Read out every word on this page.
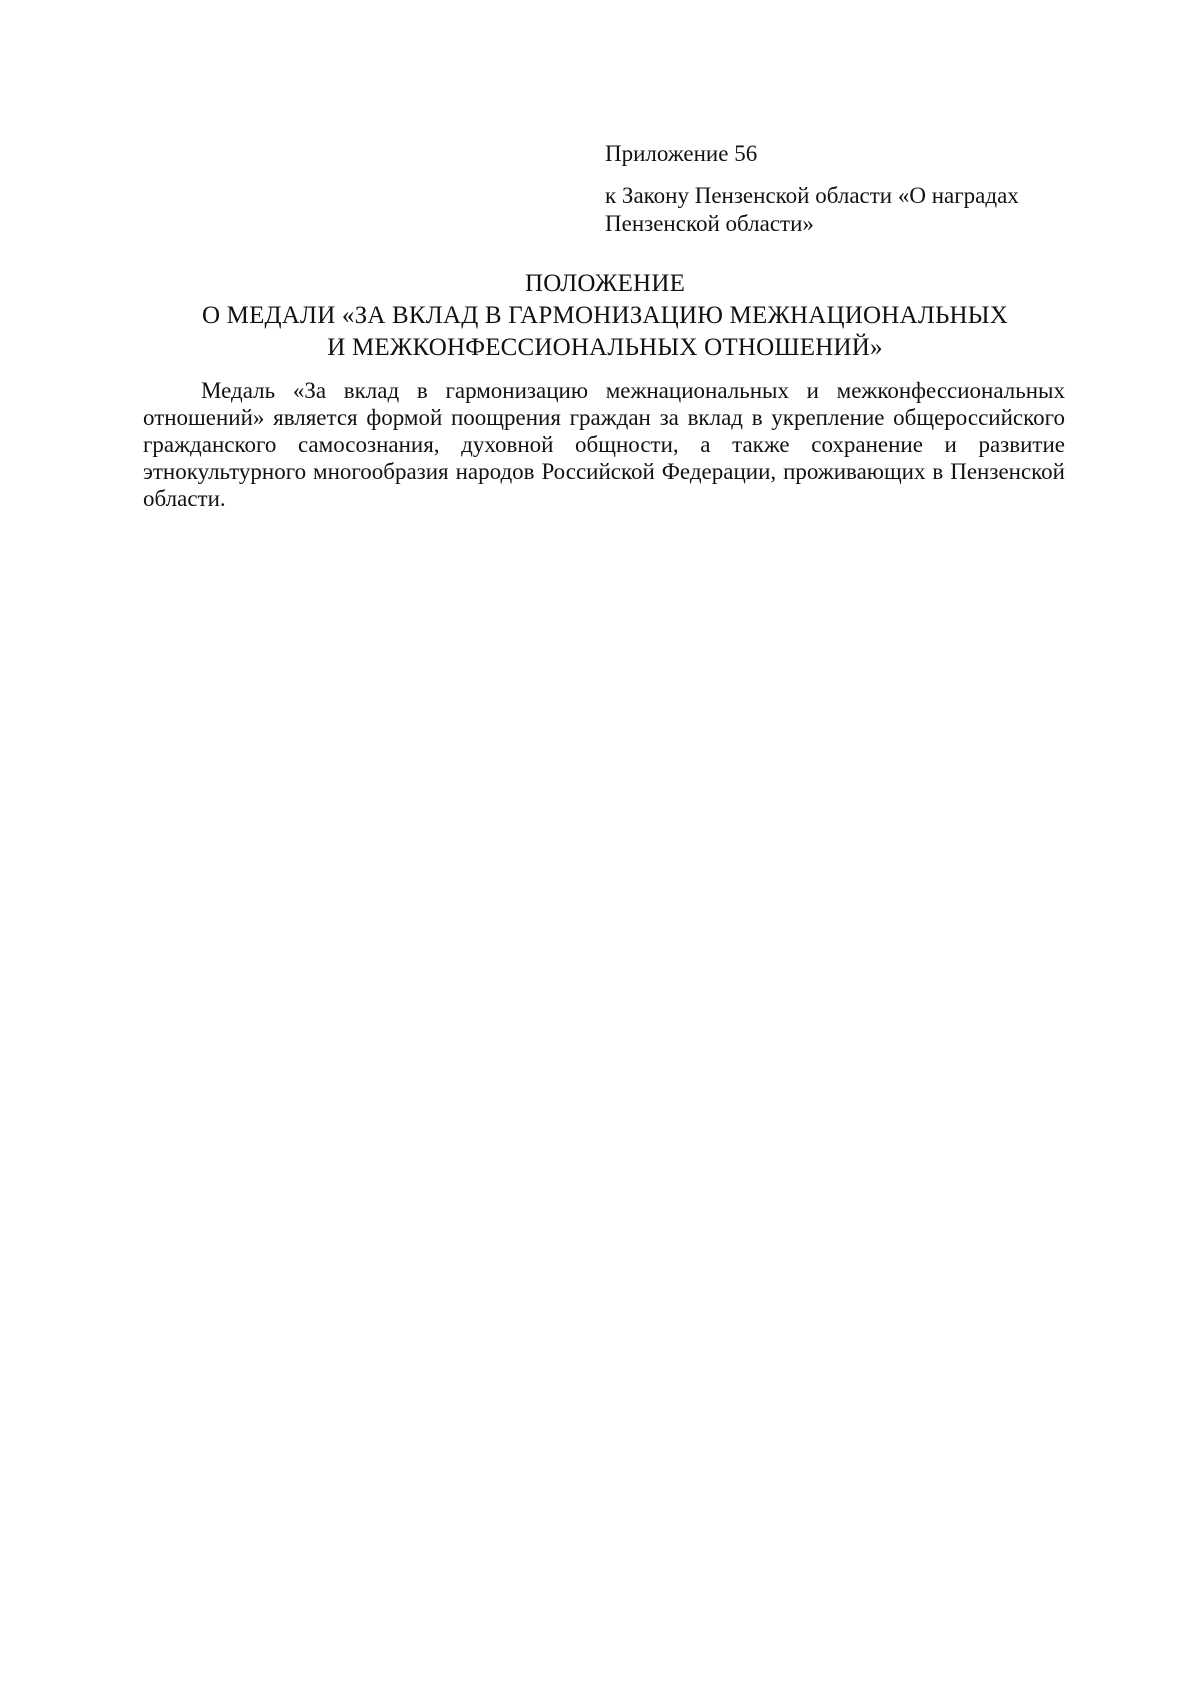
Приложение 56

к Закону Пензенской области «О наградах Пензенской области»

ПОЛОЖЕНИЕ
О МЕДАЛИ «ЗА ВКЛАД В ГАРМОНИЗАЦИЮ МЕЖНАЦИОНАЛЬНЫХ
И МЕЖКОНФЕССИОНАЛЬНЫХ ОТНОШЕНИЙ»

Медаль «За вклад в гармонизацию межнациональных и межконфессиональных отношений» является формой поощрения граждан за вклад в укрепление общероссийского гражданского самосознания, духовной общности, а также сохранение и развитие этнокультурного многообразия народов Российской Федерации, проживающих в Пензенской области.
